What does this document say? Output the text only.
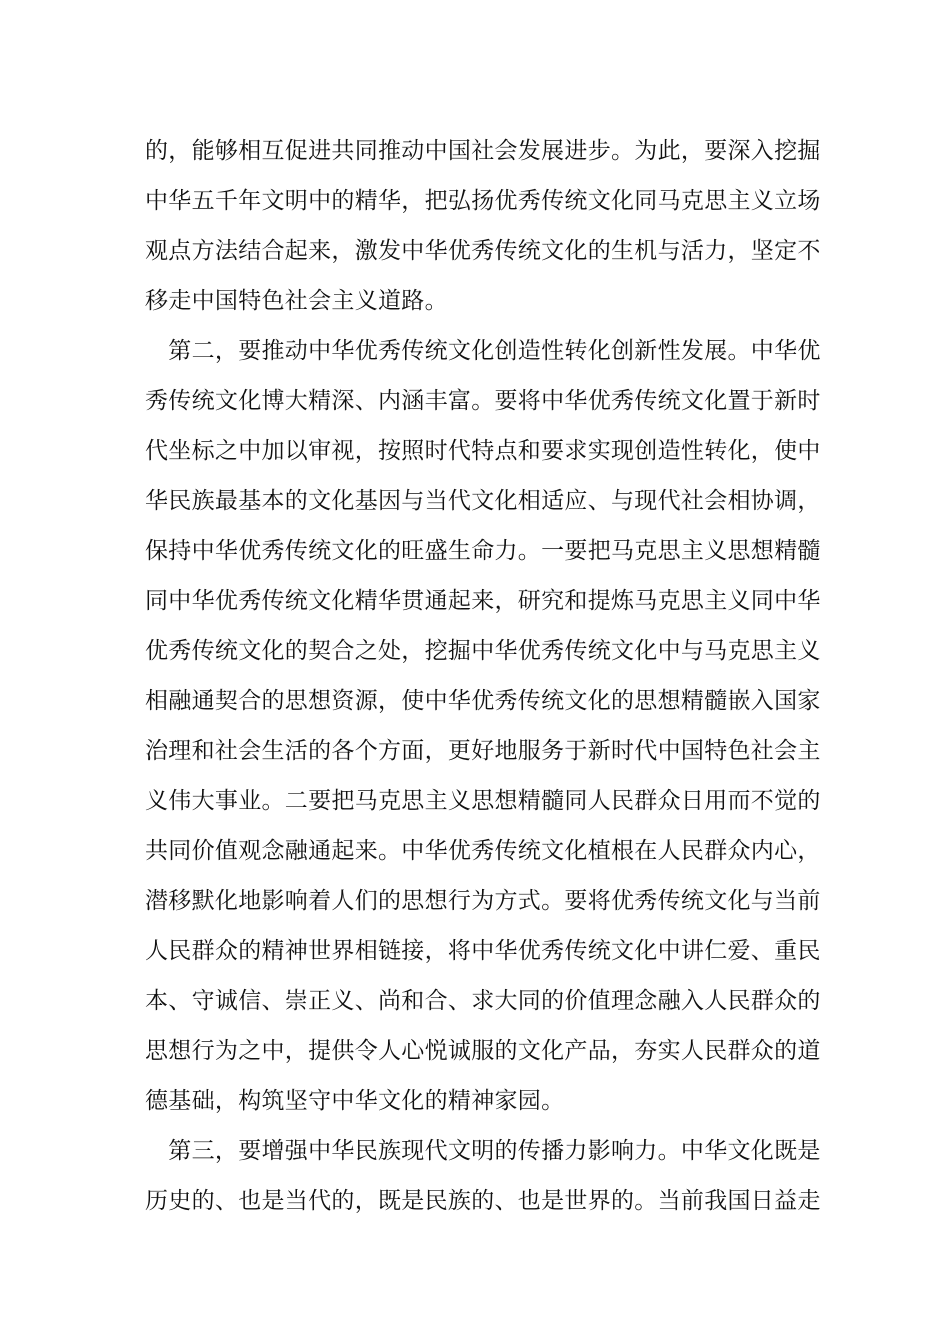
的，能够相互促进共同推动中国社会发展进步。为此，要深入挖掘
中华五千年文明中的精华，把弘扬优秀传统文化同马克思主义立场
观点方法结合起来，激发中华优秀传统文化的生机与活力，坚定不
移走中国特色社会主义道路。
　第二，要推动中华优秀传统文化创造性转化创新性发展。中华优
秀传统文化博大精深、内涵丰富。要将中华优秀传统文化置于新时
代坐标之中加以审视，按照时代特点和要求实现创造性转化，使中
华民族最基本的文化基因与当代文化相适应、与现代社会相协调，
保持中华优秀传统文化的旺盛生命力。一要把马克思主义思想精髓
同中华优秀传统文化精华贯通起来，研究和提炼马克思主义同中华
优秀传统文化的契合之处，挖掘中华优秀传统文化中与马克思主义
相融通契合的思想资源，使中华优秀传统文化的思想精髓嵌入国家
治理和社会生活的各个方面，更好地服务于新时代中国特色社会主
义伟大事业。二要把马克思主义思想精髓同人民群众日用而不觉的
共同价值观念融通起来。中华优秀传统文化植根在人民群众内心，
潜移默化地影响着人们的思想行为方式。要将优秀传统文化与当前
人民群众的精神世界相链接，将中华优秀传统文化中讲仁爱、重民
本、守诚信、崇正义、尚和合、求大同的价值理念融入人民群众的
思想行为之中，提供令人心悦诚服的文化产品，夯实人民群众的道
德基础，构筑坚守中华文化的精神家园。
　第三，要增强中华民族现代文明的传播力影响力。中华文化既是
历史的、也是当代的，既是民族的、也是世界的。当前我国日益走
